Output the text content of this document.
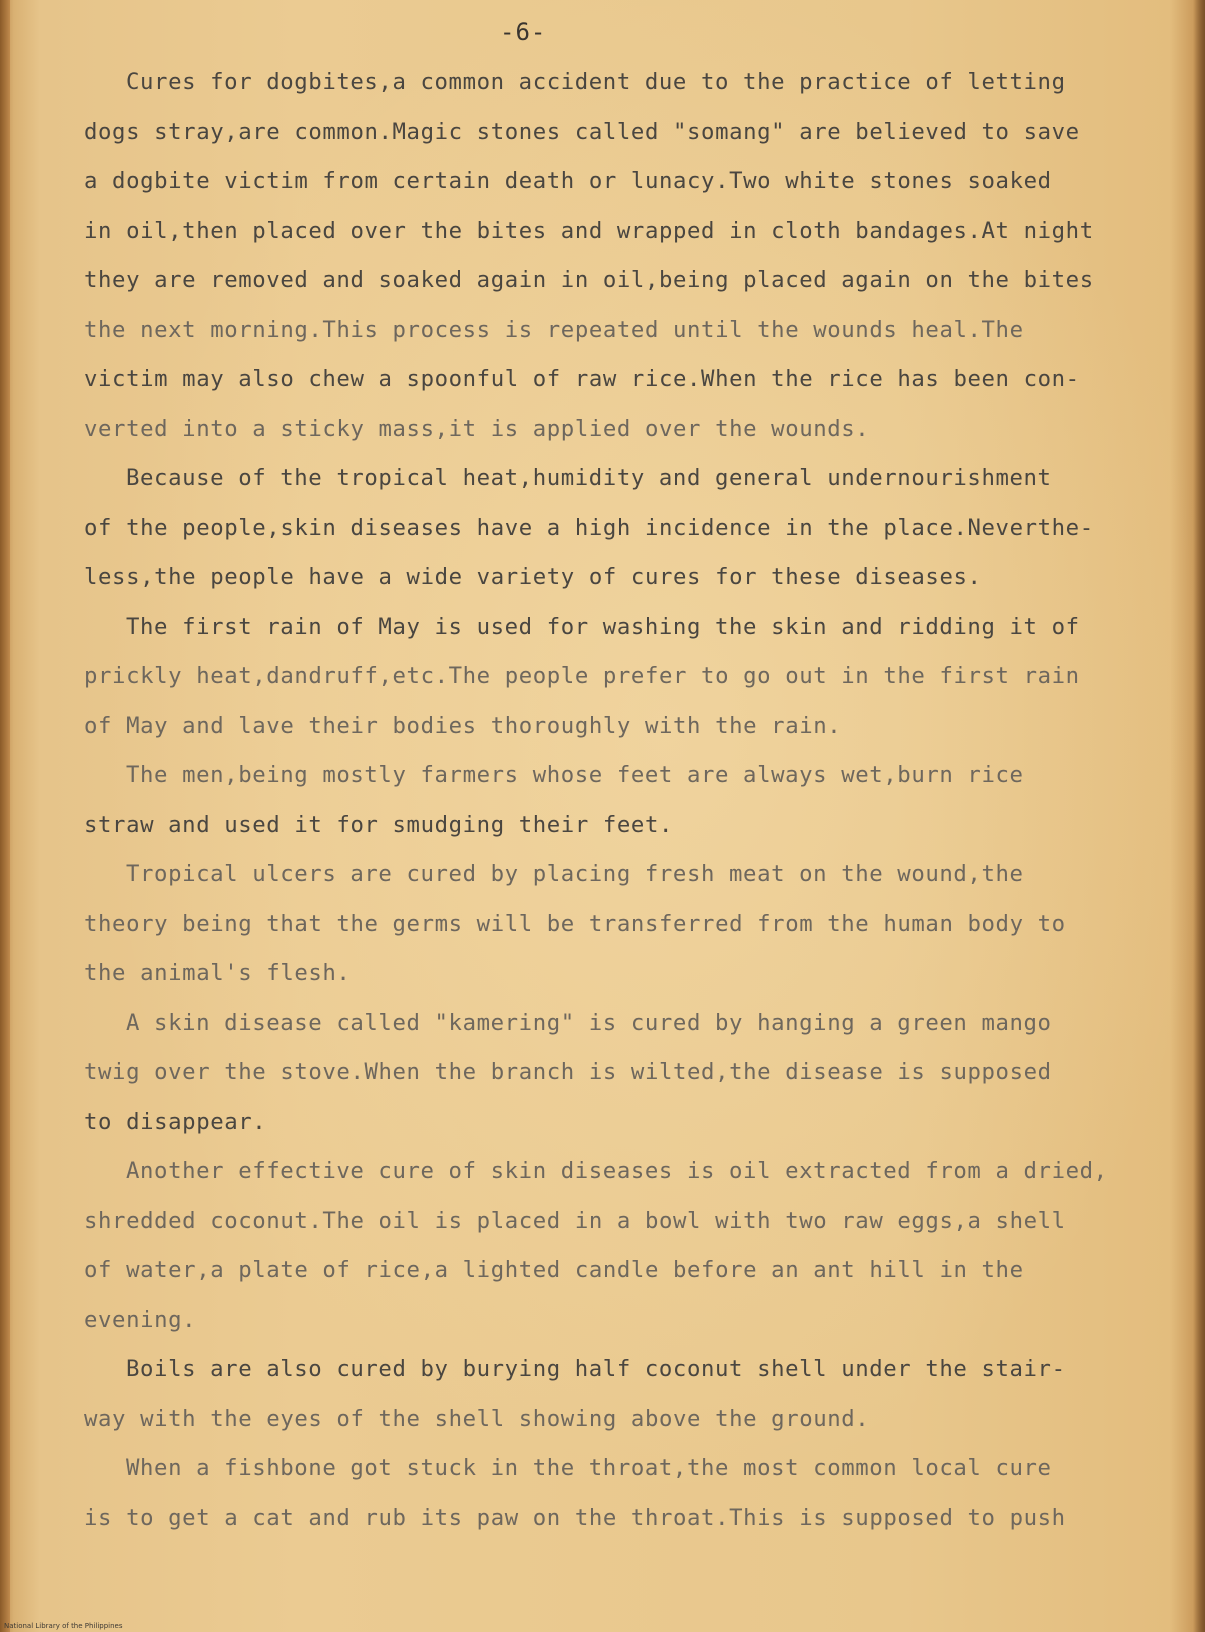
-6-
Cures for dogbites,a common accident due to the practice of letting
dogs stray,are common.Magic stones called "somang" are believed to save
a dogbite victim from certain death or lunacy.Two white stones soaked
in oil,then placed over the bites and wrapped in cloth bandages.At night
they are removed and soaked again in oil,being placed again on the bites
the next morning.This process is repeated until the wounds heal.The
victim may also chew a spoonful of raw rice.When the rice has been con-
verted into a sticky mass,it is applied over the wounds.
Because of the tropical heat,humidity and general undernourishment
of the people,skin diseases have a high incidence in the place.Neverthe-
less,the people have a wide variety of cures for these diseases.
The first rain of May is used for washing the skin and ridding it of
prickly heat,dandruff,etc.The people prefer to go out in the first rain
of May and lave their bodies thoroughly with the rain.
The men,being mostly farmers whose feet are always wet,burn rice
straw and used it for smudging their feet.
Tropical ulcers are cured by placing fresh meat on the wound,the
theory being that the germs will be transferred from the human body to
the animal's flesh.
A skin disease called "kamering" is cured by hanging a green mango
twig over the stove.When the branch is wilted,the disease is supposed
to disappear.
Another effective cure of skin diseases is oil extracted from a dried,
shredded coconut.The oil is placed in a bowl with two raw eggs,a shell
of water,a plate of rice,a lighted candle before an ant hill in the
evening.
Boils are also cured by burying half coconut shell under the stair-
way with the eyes of the shell showing above the ground.
When a fishbone got stuck in the throat,the most common local cure
is to get a cat and rub its paw on the throat.This is supposed to push
National Library of the Philippines
